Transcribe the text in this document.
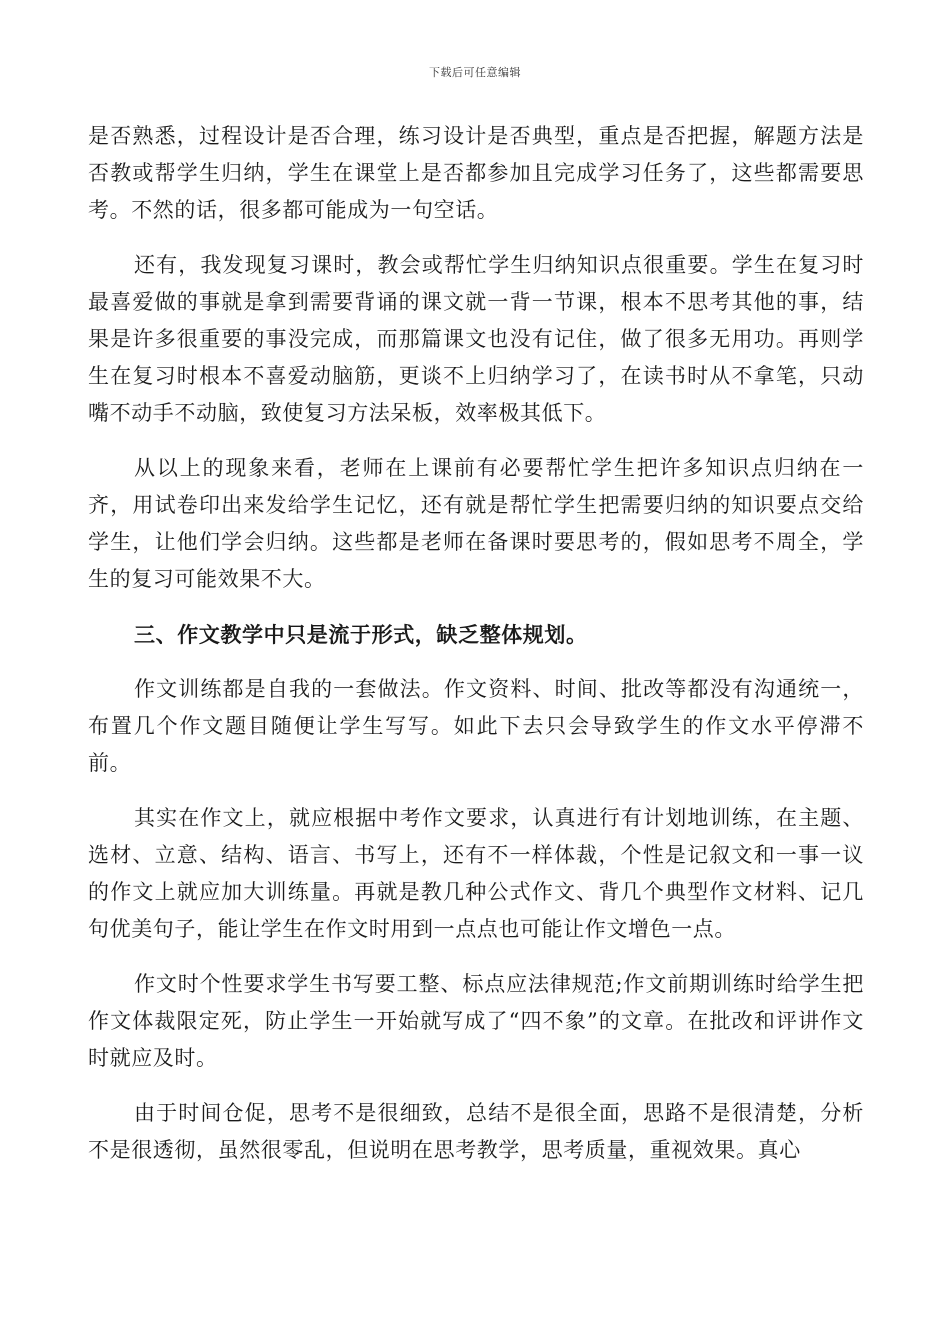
下载后可任意编辑

是否熟悉，过程设计是否合理，练习设计是否典型，重点是否把握，解题方法是否教或帮学生归纳，学生在课堂上是否都参加且完成学习任务了，这些都需要思考。不然的话，很多都可能成为一句空话。

还有，我发现复习课时，教会或帮忙学生归纳知识点很重要。学生在复习时最喜爱做的事就是拿到需要背诵的课文就一背一节课，根本不思考其他的事，结果是许多很重要的事没完成，而那篇课文也没有记住，做了很多无用功。再则学生在复习时根本不喜爱动脑筋，更谈不上归纳学习了，在读书时从不拿笔，只动嘴不动手不动脑，致使复习方法呆板，效率极其低下。

从以上的现象来看，老师在上课前有必要帮忙学生把许多知识点归纳在一齐，用试卷印出来发给学生记忆，还有就是帮忙学生把需要归纳的知识要点交给学生，让他们学会归纳。这些都是老师在备课时要思考的，假如思考不周全，学生的复习可能效果不大。

三、作文教学中只是流于形式，缺乏整体规划。

作文训练都是自我的一套做法。作文资料、时间、批改等都没有沟通统一，布置几个作文题目随便让学生写写。如此下去只会导致学生的作文水平停滞不前。

其实在作文上，就应根据中考作文要求，认真进行有计划地训练，在主题、选材、立意、结构、语言、书写上，还有不一样体裁，个性是记叙文和一事一议的作文上就应加大训练量。再就是教几种公式作文、背几个典型作文材料、记几句优美句子，能让学生在作文时用到一点点也可能让作文增色一点。

作文时个性要求学生书写要工整、标点应法律规范;作文前期训练时给学生把作文体裁限定死，防止学生一开始就写成了“四不象”的文章。在批改和评讲作文时就应及时。

由于时间仓促，思考不是很细致，总结不是很全面，思路不是很清楚，分析不是很透彻，虽然很零乱，但说明在思考教学，思考质量，重视效果。真心
